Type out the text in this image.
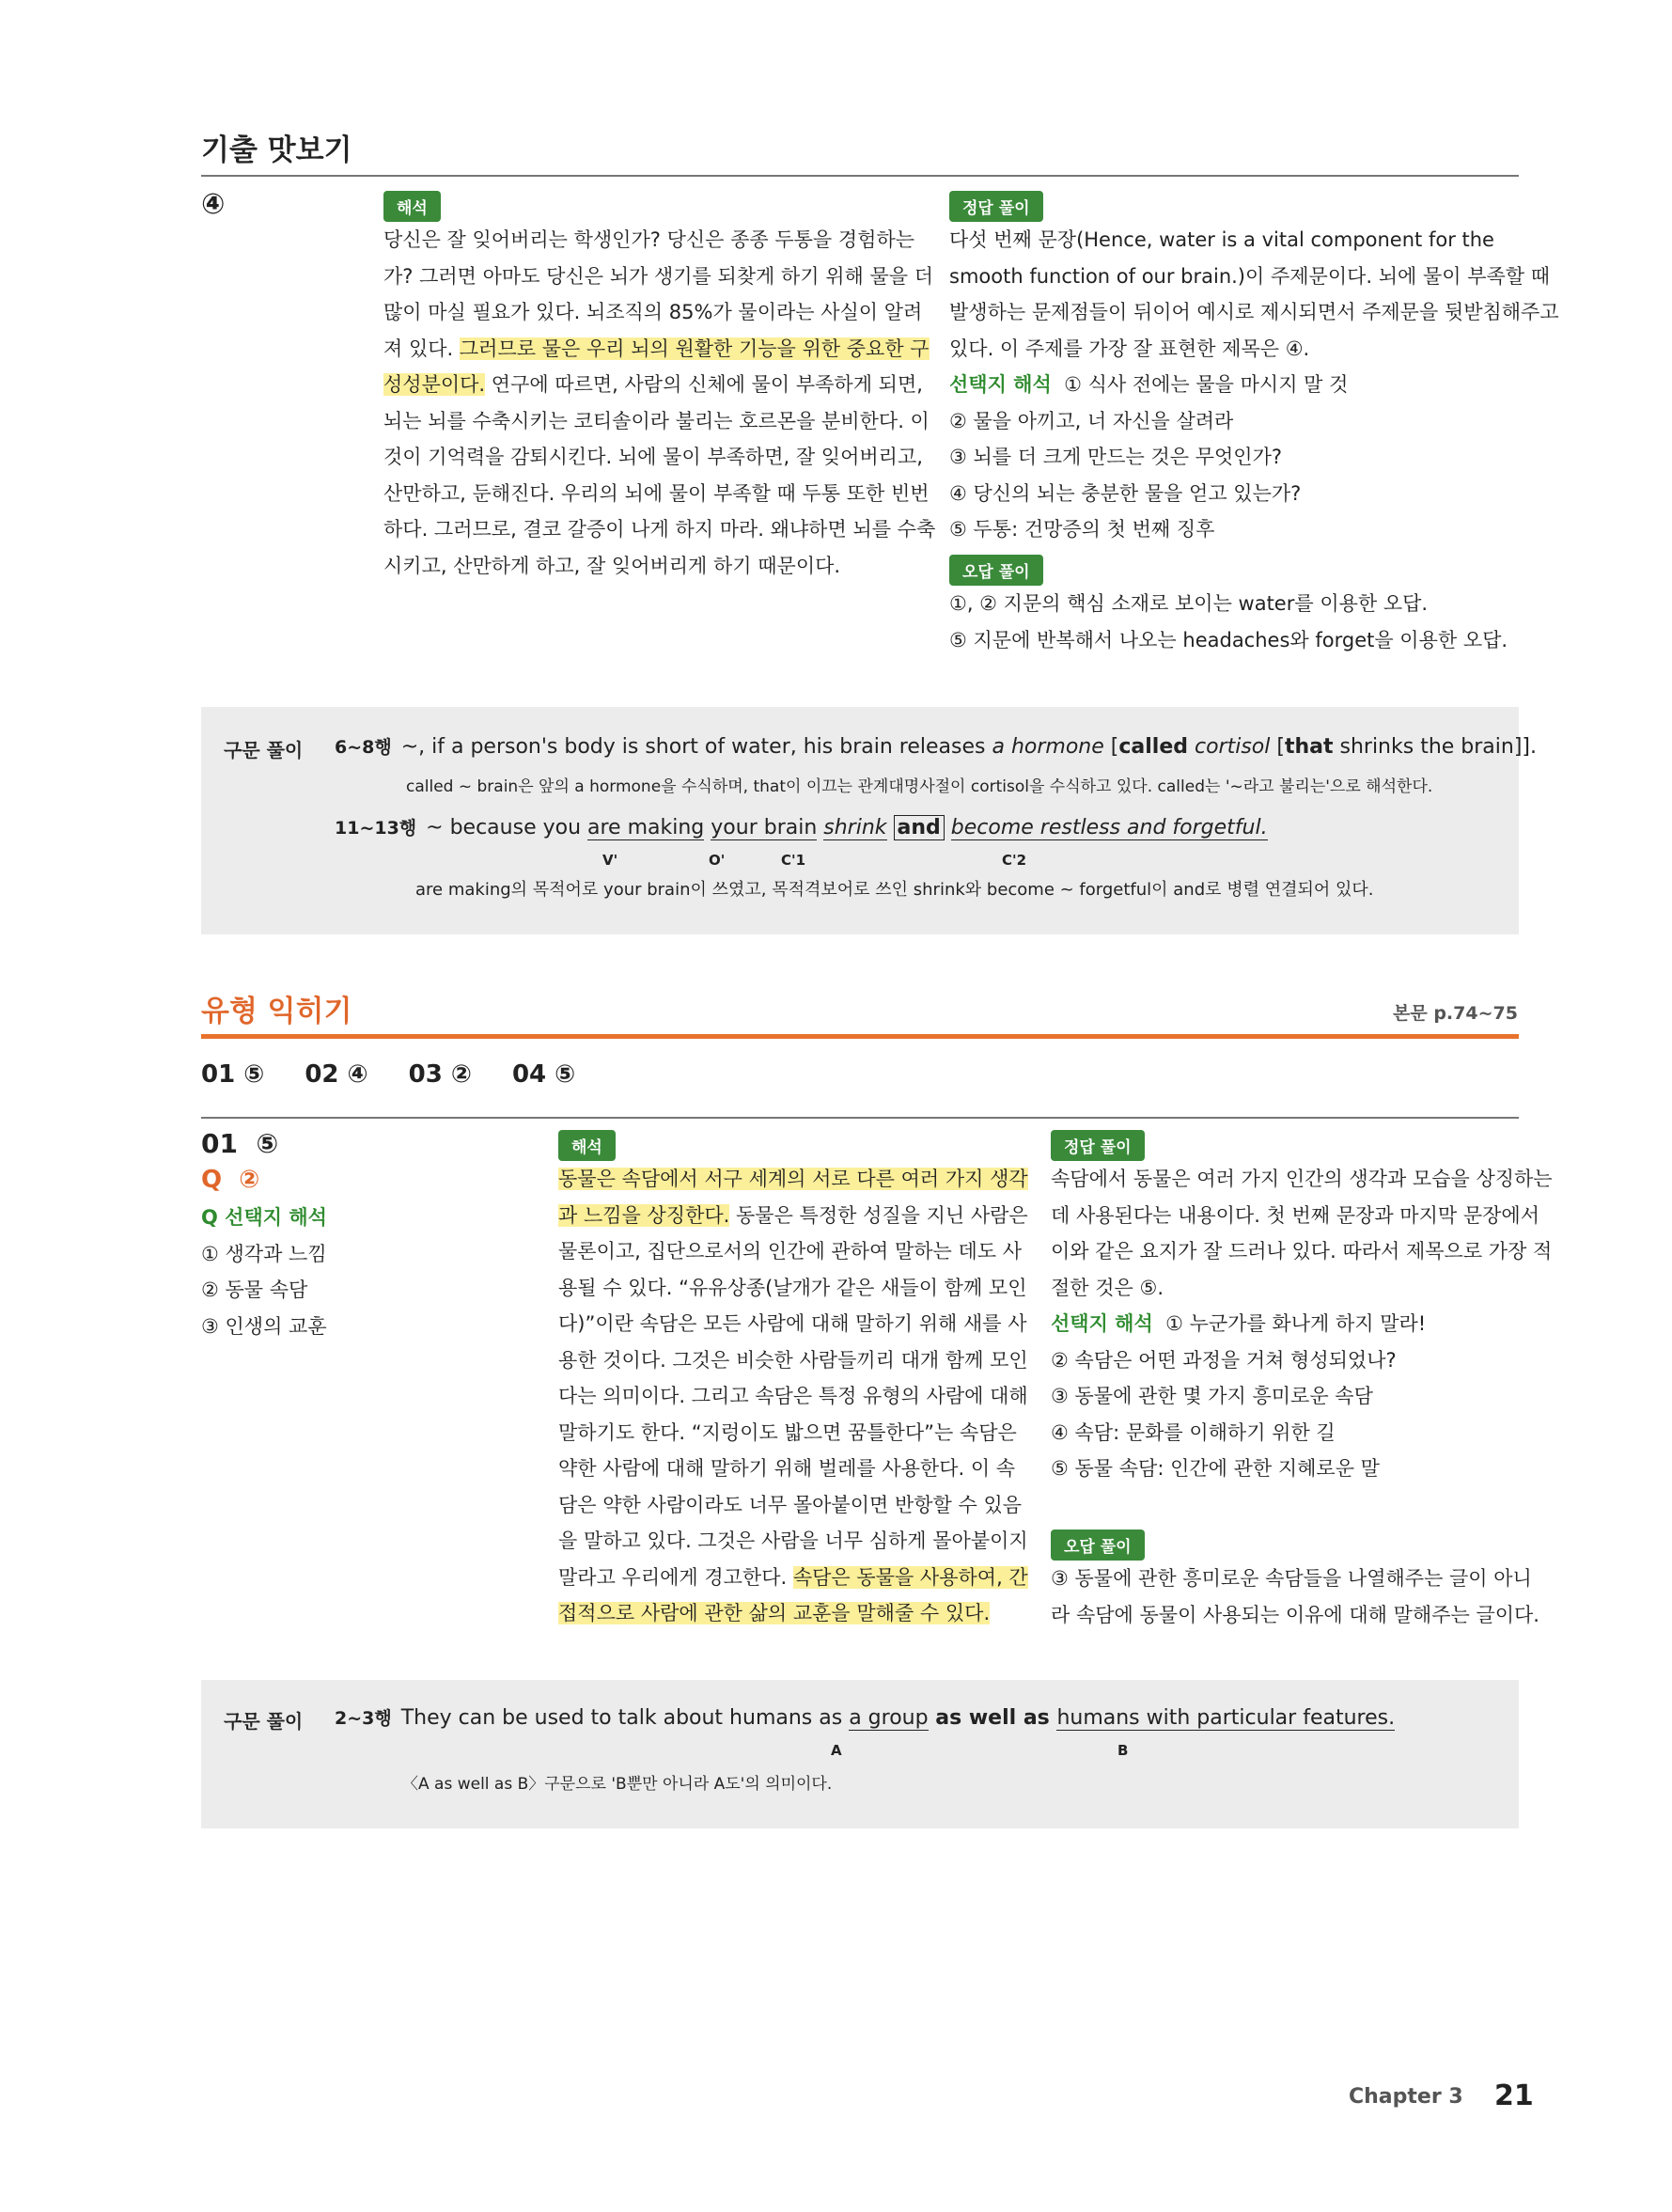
기출 맛보기
④	해석
당신은 잘 잊어버리는 학생인가? 당신은 종종 두통을 경험하는
가? 그러면 아마도 당신은 뇌가 생기를 되찾게 하기 위해 물을 더
많이 마실 필요가 있다. 뇌조직의 85%가 물이라는 사실이 알려
져 있다. 그러므로 물은 우리 뇌의 원활한 기능을 위한 중요한 구
성성분이다. 연구에 따르면, 사람의 신체에 물이 부족하게 되면,
뇌는 뇌를 수축시키는 코티솔이라 불리는 호르몬을 분비한다. 이
것이 기억력을 감퇴시킨다. 뇌에 물이 부족하면, 잘 잊어버리고,
산만하고, 둔해진다. 우리의 뇌에 물이 부족할 때 두통 또한 빈번
하다. 그러므로, 결코 갈증이 나게 하지 마라. 왜냐하면 뇌를 수축
시키고, 산만하게 하고, 잘 잊어버리게 하기 때문이다.
정답 풀이
다섯 번째 문장(Hence, water is a vital component for the
smooth function of our brain.)이 주제문이다. 뇌에 물이 부족할 때
발생하는 문제점들이 뒤이어 예시로 제시되면서 주제문을 뒷받침해주고
있다. 이 주제를 가장 잘 표현한 제목은 ④.
선택지 해석 ① 식사 전에는 물을 마시지 말 것
② 물을 아끼고, 너 자신을 살려라
③ 뇌를 더 크게 만드는 것은 무엇인가?
④ 당신의 뇌는 충분한 물을 얻고 있는가?
⑤ 두통: 건망증의 첫 번째 징후
오답 풀이
①, ② 지문의 핵심 소재로 보이는 water를 이용한 오답.
⑤ 지문에 반복해서 나오는 headaches와 forget을 이용한 오답.
구문 풀이 6~8행 ~, if a person's body is short of water, his brain releases a hormone [called cortisol [that shrinks the brain]].
called ~ brain은 앞의 a hormone을 수식하며, that이 이끄는 관계대명사절이 cortisol을 수식하고 있다. called는 '~라고 불리는'으로 해석한다.
11~13행 ~ because you are making your brain shrink and become restless and forgetful.
V'	O'	C'1	C'2
are making의 목적어로 your brain이 쓰였고, 목적격보어로 쓰인 shrink와 become ~ forgetful이 and로 병렬 연결되어 있다.
유형 익히기	본문 p.74~75
01 ⑤ 02 ④ 03 ② 04 ⑤
01  ⑤
Q  ②
Q 선택지 해석
① 생각과 느낌
② 동물 속담
③ 인생의 교훈
해석
동물은 속담에서 서구 세계의 서로 다른 여러 가지 생각
과 느낌을 상징한다. 동물은 특정한 성질을 지닌 사람은
물론이고, 집단으로서의 인간에 관하여 말하는 데도 사
용될 수 있다. “유유상종(날개가 같은 새들이 함께 모인
다)”이란 속담은 모든 사람에 대해 말하기 위해 새를 사
용한 것이다. 그것은 비슷한 사람들끼리 대개 함께 모인
다는 의미이다. 그리고 속담은 특정 유형의 사람에 대해
말하기도 한다. “지렁이도 밟으면 꿈틀한다”는 속담은
약한 사람에 대해 말하기 위해 벌레를 사용한다. 이 속
담은 약한 사람이라도 너무 몰아붙이면 반항할 수 있음
을 말하고 있다. 그것은 사람을 너무 심하게 몰아붙이지
말라고 우리에게 경고한다. 속담은 동물을 사용하여, 간
접적으로 사람에 관한 삶의 교훈을 말해줄 수 있다.
정답 풀이
속담에서 동물은 여러 가지 인간의 생각과 모습을 상징하는
데 사용된다는 내용이다. 첫 번째 문장과 마지막 문장에서
이와 같은 요지가 잘 드러나 있다. 따라서 제목으로 가장 적
절한 것은 ⑤.
선택지 해석 ① 누군가를 화나게 하지 말라!
② 속담은 어떤 과정을 거쳐 형성되었나?
③ 동물에 관한 몇 가지 흥미로운 속담
④ 속담: 문화를 이해하기 위한 길
⑤ 동물 속담: 인간에 관한 지혜로운 말
오답 풀이
③ 동물에 관한 흥미로운 속담들을 나열해주는 글이 아니
라 속담에 동물이 사용되는 이유에 대해 말해주는 글이다.
구문 풀이 2~3행 They can be used to talk about humans as a group as well as humans with particular features.
A	B
〈A as well as B〉구문으로 'B뿐만 아니라 A도'의 의미이다.
Chapter 3 21
